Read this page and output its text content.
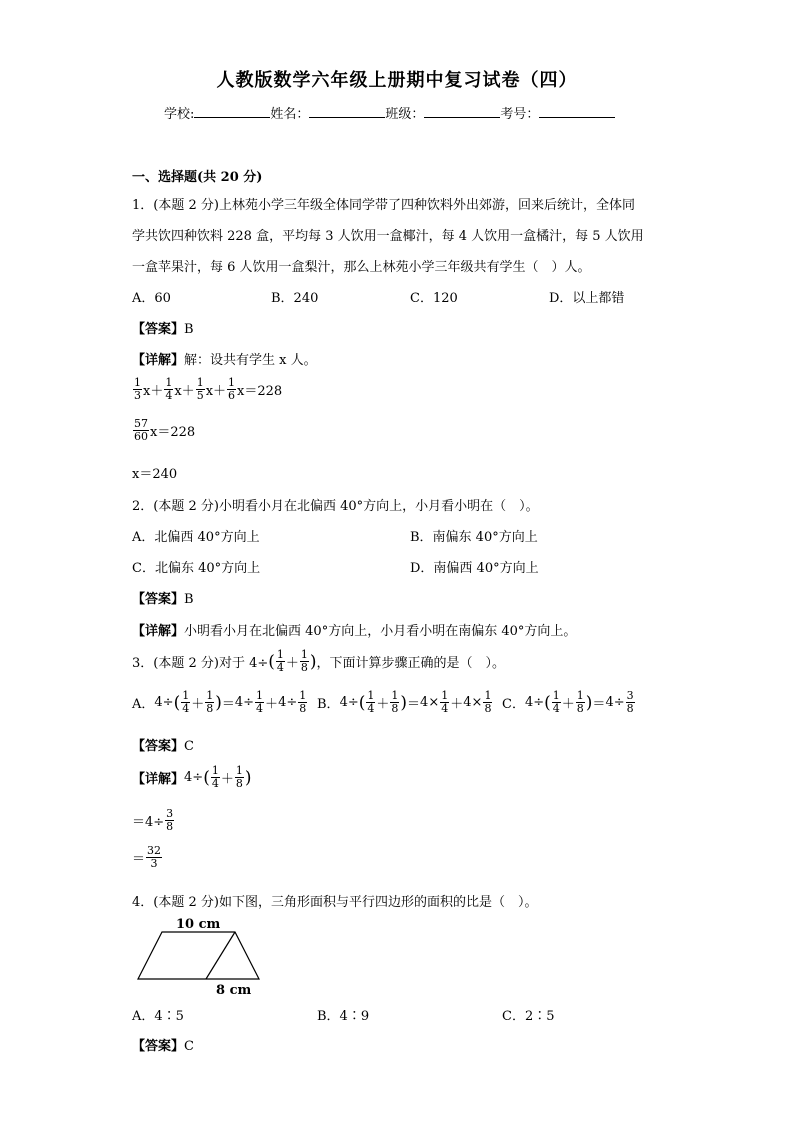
人教版数学六年级上册期中复习试卷（四）
学校:	姓名：	班级：	考号：
一、选择题(共 20 分)
1．(本题 2 分)上林苑小学三年级全体同学带了四种饮料外出郊游，回来后统计，全体同
学共饮四种饮料 228 盒，平均每 3 人饮用一盒椰汁，每 4 人饮用一盒橘汁，每 5 人饮用
一盒苹果汁，每 6 人饮用一盒梨汁，那么上林苑小学三年级共有学生（　）人。
A．60	B．240	C．120	D．以上都错
【答案】B
【详解】解：设共有学生 x 人。
$\frac{1}{3} x+ \frac{1}{4} x+ \frac{1}{5} x+ \frac{1}{6} x=228$
$\frac{57}{60} x=228$
x＝240
2．(本题 2 分)小明看小月在北偏西 40°方向上，小月看小明在（　）。
A．北偏西 40°方向上	B．南偏东 40°方向上
C．北偏东 40°方向上	D．南偏西 40°方向上
【答案】B
【详解】小明看小月在北偏西 40°方向上，小月看小明在南偏东 40°方向上。
3．(本题 2 分)对于 4÷ ( $\frac{1}{4} + \frac{1}{8}$ ) ，下面计算步骤正确的是（　）。
A． 4÷ ( $\frac{1}{4} + \frac{1}{8}$ ) ＝ $4\div \frac{1}{4} + 4\div \frac{1}{8}$ B． 4÷ ( $\frac{1}{4} + \frac{1}{8}$ ) ＝ $4 \times \frac{1}{4} + 4 \times \frac{1}{8}$ C． 4÷ ( $\frac{1}{4} + \frac{1}{8}$ ) ＝ $4\div \frac{3}{8}$
【答案】C
【详解】 4÷ ( $\frac{1}{4} + \frac{1}{8}$ )
$=4\div \frac{3}{8}$
＝ $\frac{32}{3}$
4．(本题 2 分)如下图，三角形面积与平行四边形的面积的比是（　）。
10 cm
8 cm
A．4∶5	B．4∶9	C．2∶5
【答案】C
